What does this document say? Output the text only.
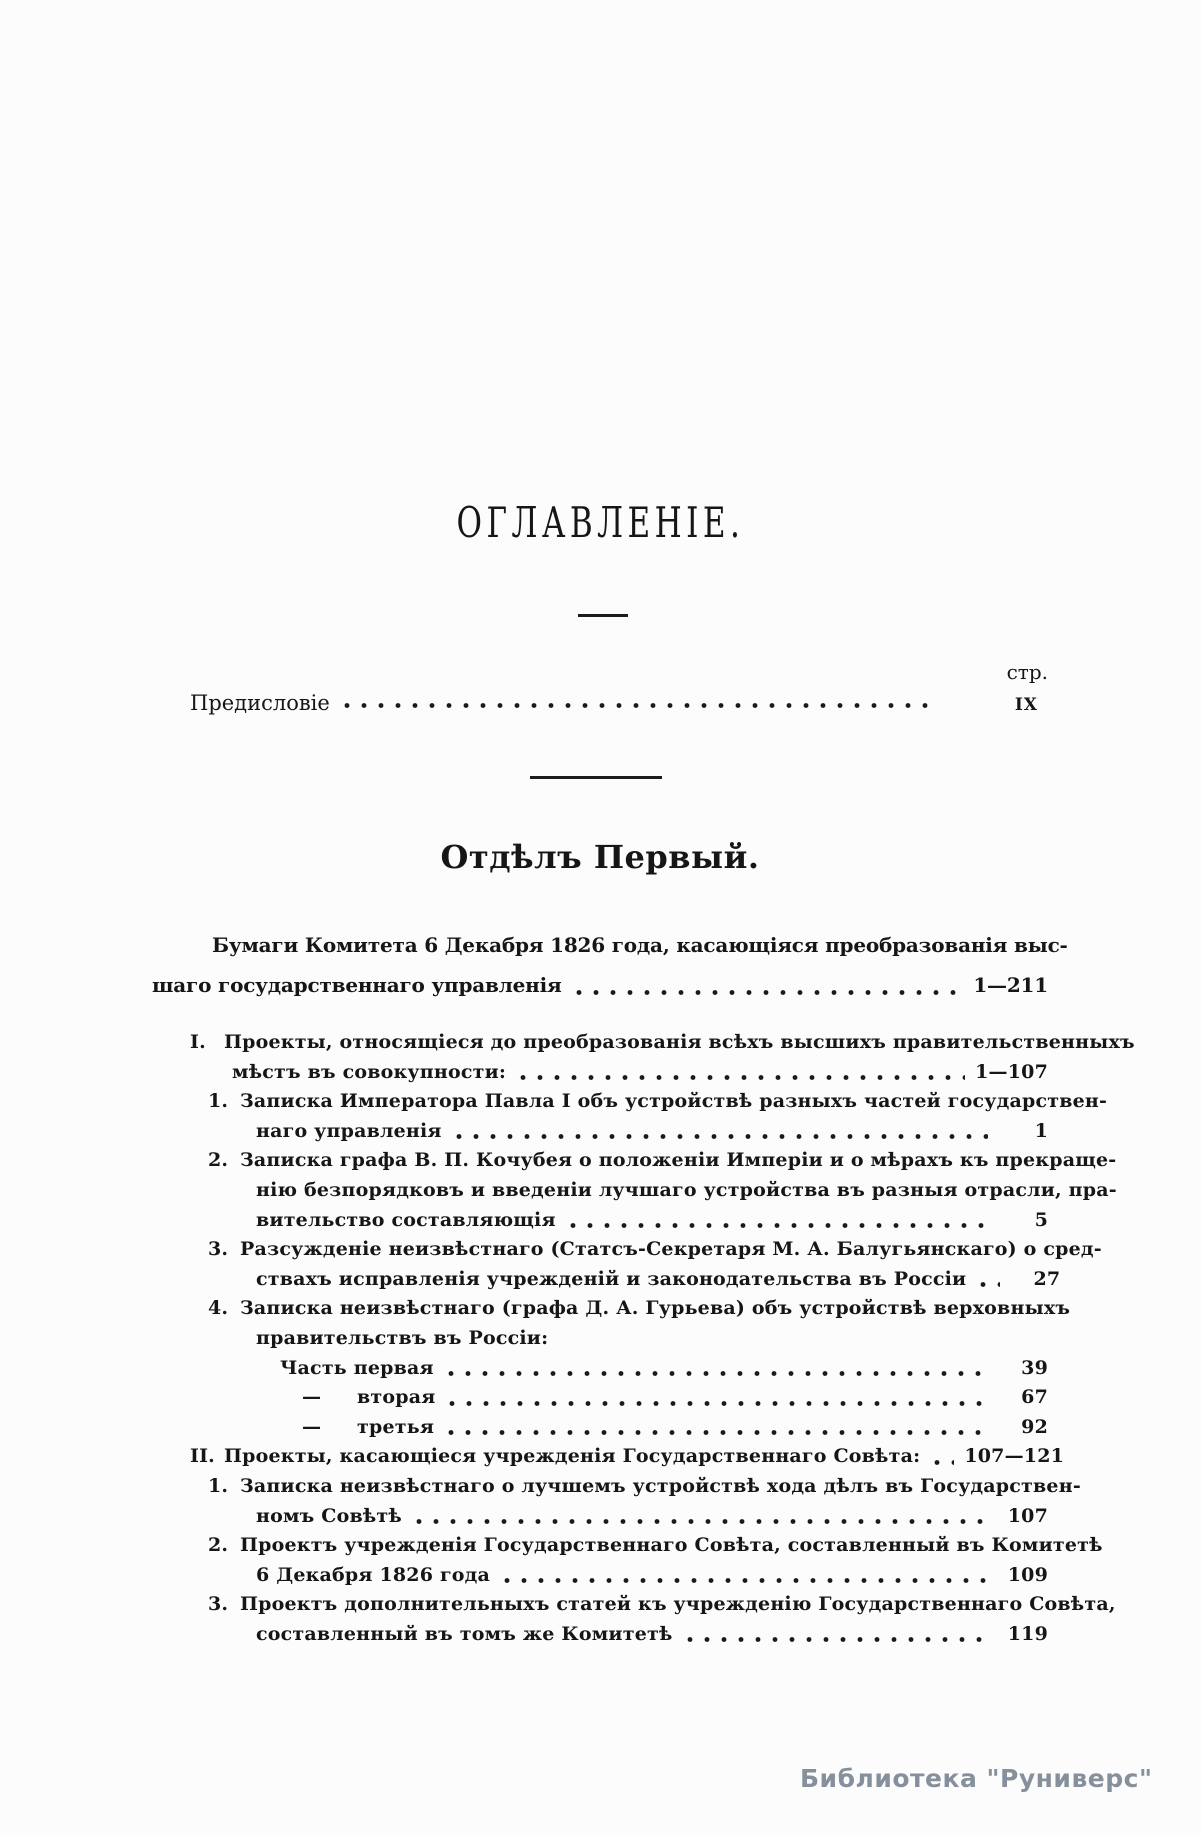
ОГЛАВЛЕНІЕ.
стр.
Предисловіе	IX
Отдѣлъ Первый.
Бумаги Комитета 6 Декабря 1826 года, касающіяся преобразованія выс-
шаго государственнаго управленія	1—211
I. Проекты, относящіеся до преобразованія всѣхъ высшихъ правительственныхъ
мѣстъ въ совокупности:	1—107
1. Записка Императора Павла I объ устройствѣ разныхъ частей государствен-
наго управленія	1
2. Записка графа В. П. Кочубея о положеніи Имперіи и о мѣрахъ къ прекраще-
нію безпорядковъ и введеніи лучшаго устройства въ разныя отрасли, пра-
вительство составляющія	5
3. Разсужденіе неизвѣстнаго (Статсъ-Секретаря М. А. Балугьянскаго) о сред-
ствахъ исправленія учрежденій и законодательства въ Россіи	27
4. Записка неизвѣстнаго (графа Д. А. Гурьева) объ устройствѣ верховныхъ
правительствъ въ Россіи:
Часть первая	39
— вторая	67
— третья	92
II. Проекты, касающіеся учрежденія Государственнаго Совѣта: 107—121
1. Записка неизвѣстнаго о лучшемъ устройствѣ хода дѣлъ въ Государствен-
номъ Совѣтѣ	107
2. Проектъ учрежденія Государственнаго Совѣта, составленный въ Комитетѣ
6 Декабря 1826 года	109
3. Проектъ дополнительныхъ статей къ учрежденію Государственнаго Совѣта,
составленный въ томъ же Комитетѣ	119
Библиотека "Руниверс"
